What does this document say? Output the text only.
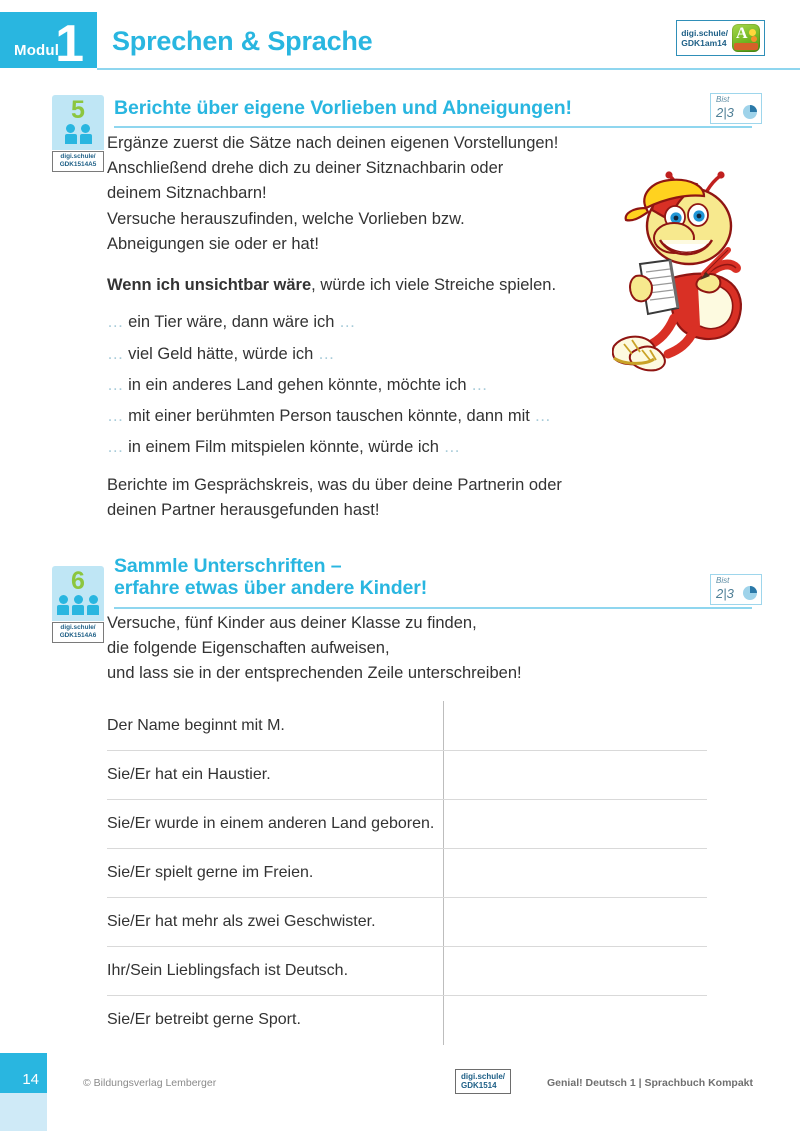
Modul
1 Sprechen & Sprache	digi.schule/
GDK1am14
A
5
digi.schule/
GDK1514A5
Berichte über eigene Vorlieben und Abneigungen!	Bist
2|3

Ergänze zuerst die Sätze nach deinen eigenen Vorstellungen!

Anschließend drehe dich zu deiner Sitznachbarin oder

deinem Sitznachbarn!

Versuche herauszufinden, welche Vorlieben bzw.

Abneigungen sie oder er hat!

Wenn ich unsichtbar wäre, würde ich viele Streiche spielen.

… ein Tier wäre, dann wäre ich …

… viel Geld hätte, würde ich …

… in ein anderes Land gehen könnte, möchte ich …

… mit einer berühmten Person tauschen könnte, dann mit …

… in einem Film mitspielen könnte, würde ich …

Berichte im Gesprächskreis, was du über deine Partnerin oder

deinen Partner herausgefunden hast!

6
digi.schule/
GDK1514A6
Sammle Unterschriften –
erfahre etwas über andere Kinder!	Bist
2|3

Versuche, fünf Kinder aus deiner Klasse zu finden,

die folgende Eigenschaften aufweisen,

und lass sie in der entsprechenden Zeile unterschreiben!

Der Name beginnt mit M.
Sie/Er hat ein Haustier.
Sie/Er wurde in einem anderen Land geboren.
Sie/Er spielt gerne im Freien.
Sie/Er hat mehr als zwei Geschwister.
Ihr/Sein Lieblingsfach ist Deutsch.
Sie/Er betreibt gerne Sport.
14	© Bildungsverlag Lemberger
digi.schule/
GDK1514	Genial! Deutsch 1 | Sprachbuch Kompakt
